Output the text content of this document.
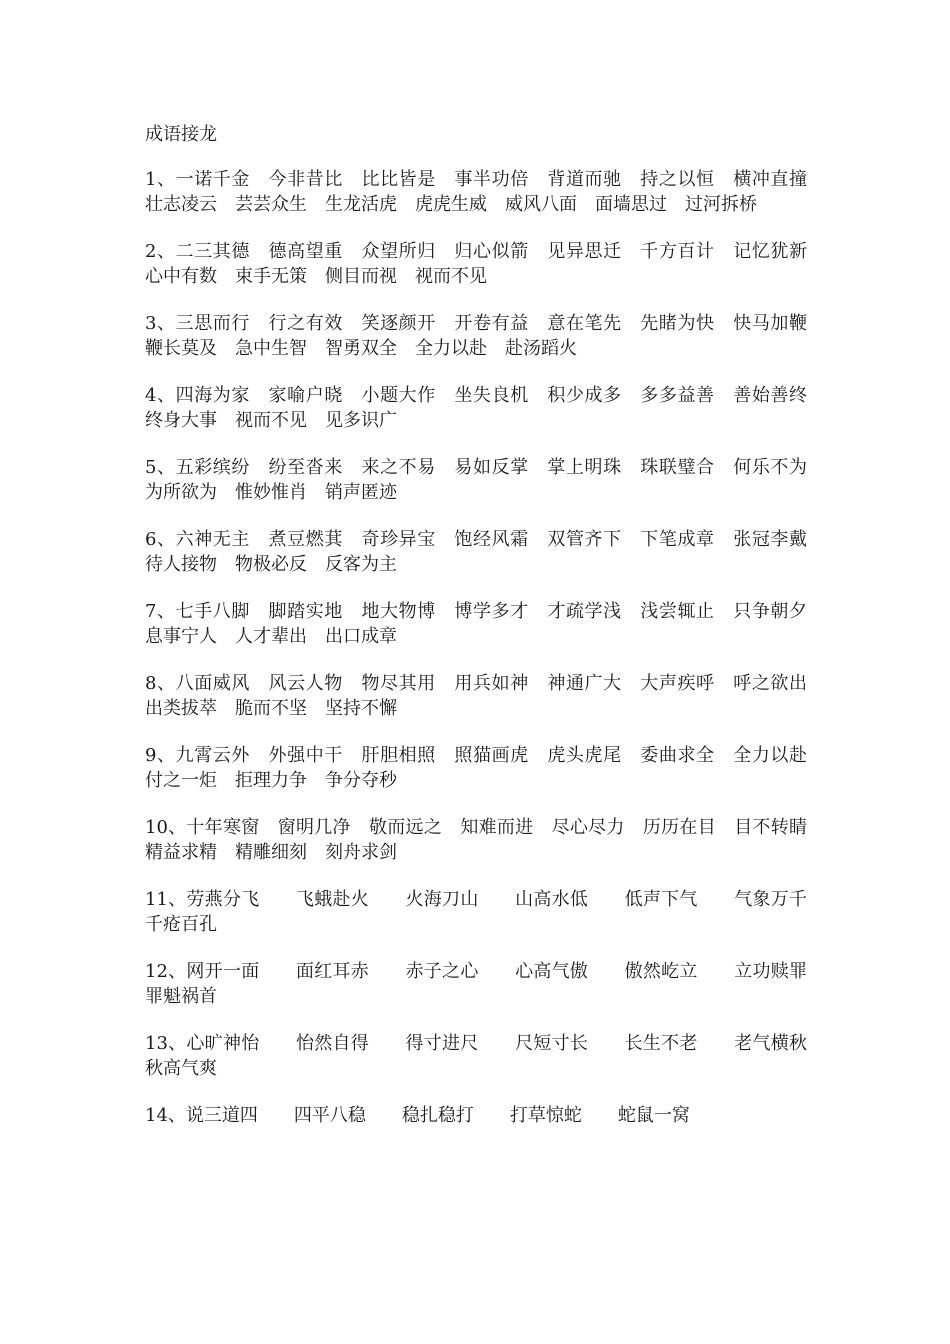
成语接龙

1、一诺千金　今非昔比　比比皆是　事半功倍　背道而驰　持之以恒　横冲直撞　壮志凌云　芸芸众生　生龙活虎　虎虎生威　威风八面　面墙思过　过河拆桥

2、二三其德　德高望重　众望所归　归心似箭　见异思迁　千方百计　记忆犹新　心中有数　束手无策　侧目而视　视而不见

3、三思而行　行之有效　笑逐颜开　开卷有益　意在笔先　先睹为快　快马加鞭　鞭长莫及　急中生智　智勇双全　全力以赴　赴汤蹈火

4、四海为家　家喻户晓　小题大作　坐失良机　积少成多　多多益善　善始善终　终身大事　视而不见　见多识广

5、五彩缤纷　纷至沓来　来之不易　易如反掌　掌上明珠　珠联璧合　何乐不为　为所欲为　惟妙惟肖　销声匿迹

6、六神无主　煮豆燃萁　奇珍异宝　饱经风霜　双管齐下　下笔成章　张冠李戴　待人接物　物极必反　反客为主

7、七手八脚　脚踏实地　地大物博　博学多才　才疏学浅　浅尝辄止　只争朝夕　息事宁人　人才辈出　出口成章

8、八面威风　风云人物　物尽其用　用兵如神　神通广大　大声疾呼　呼之欲出　出类拔萃　脆而不坚　坚持不懈

9、九霄云外　外强中干　肝胆相照　照猫画虎　虎头虎尾　委曲求全　全力以赴　付之一炬　拒理力争　争分夺秒

10、十年寒窗　窗明几净　敬而远之　知难而进　尽心尽力　历历在目　目不转睛　精益求精　精雕细刻　刻舟求剑

11、劳燕分飞　　飞蛾赴火　　火海刀山　　山高水低　　低声下气　　气象万千 千疮百孔

12、网开一面　　面红耳赤　　赤子之心　　心高气傲　　傲然屹立　　立功赎罪 罪魁祸首

13、心旷神怡　　怡然自得　　得寸进尺　　尺短寸长　　长生不老　　老气横秋 秋高气爽

14、说三道四　　四平八稳　　稳扎稳打　　打草惊蛇　　蛇鼠一窝
